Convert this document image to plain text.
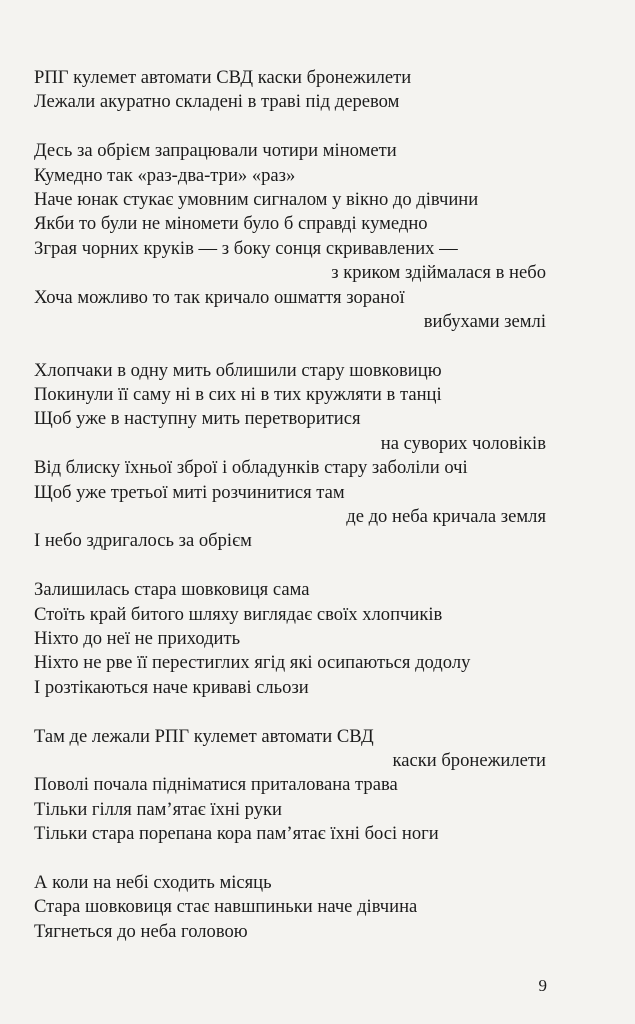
РПГ кулемет автомати СВД каски бронежилети
Лежали акуратно складені в траві під деревом
Десь за обрієм запрацювали чотири міномети
Кумедно так «раз-два-три» «раз»
Наче юнак стукає умовним сигналом у вікно до дівчини
Якби то були не міномети було б справді кумедно
Зграя чорних круків — з боку сонця скривавлених —
з криком здіймалася в небо
Хоча можливо то так кричало ошмаття зораної
вибухами землі
Хлопчаки в одну мить облишили стару шовковицю
Покинули її саму ні в сих ні в тих кружляти в танці
Щоб уже в наступну мить перетворитися
на суворих чоловіків
Від блиску їхньої зброї і обладунків стару заболіли очі
Щоб уже третьої миті розчинитися там
де до неба кричала земля
І небо здригалось за обрієм
Залишилась стара шовковиця сама
Стоїть край битого шляху виглядає своїх хлопчиків
Ніхто до неї не приходить
Ніхто не рве її перестиглих ягід які осипаються додолу
І розтікаються наче криваві сльози
Там де лежали РПГ кулемет автомати СВД
каски бронежилети
Поволі почала підніматися приталована трава
Тільки гілля пам’ятає їхні руки
Тільки стара порепана кора пам’ятає їхні босі ноги
А коли на небі сходить місяць
Стара шовковиця стає навшпиньки наче дівчина
Тягнеться до неба головою
9
